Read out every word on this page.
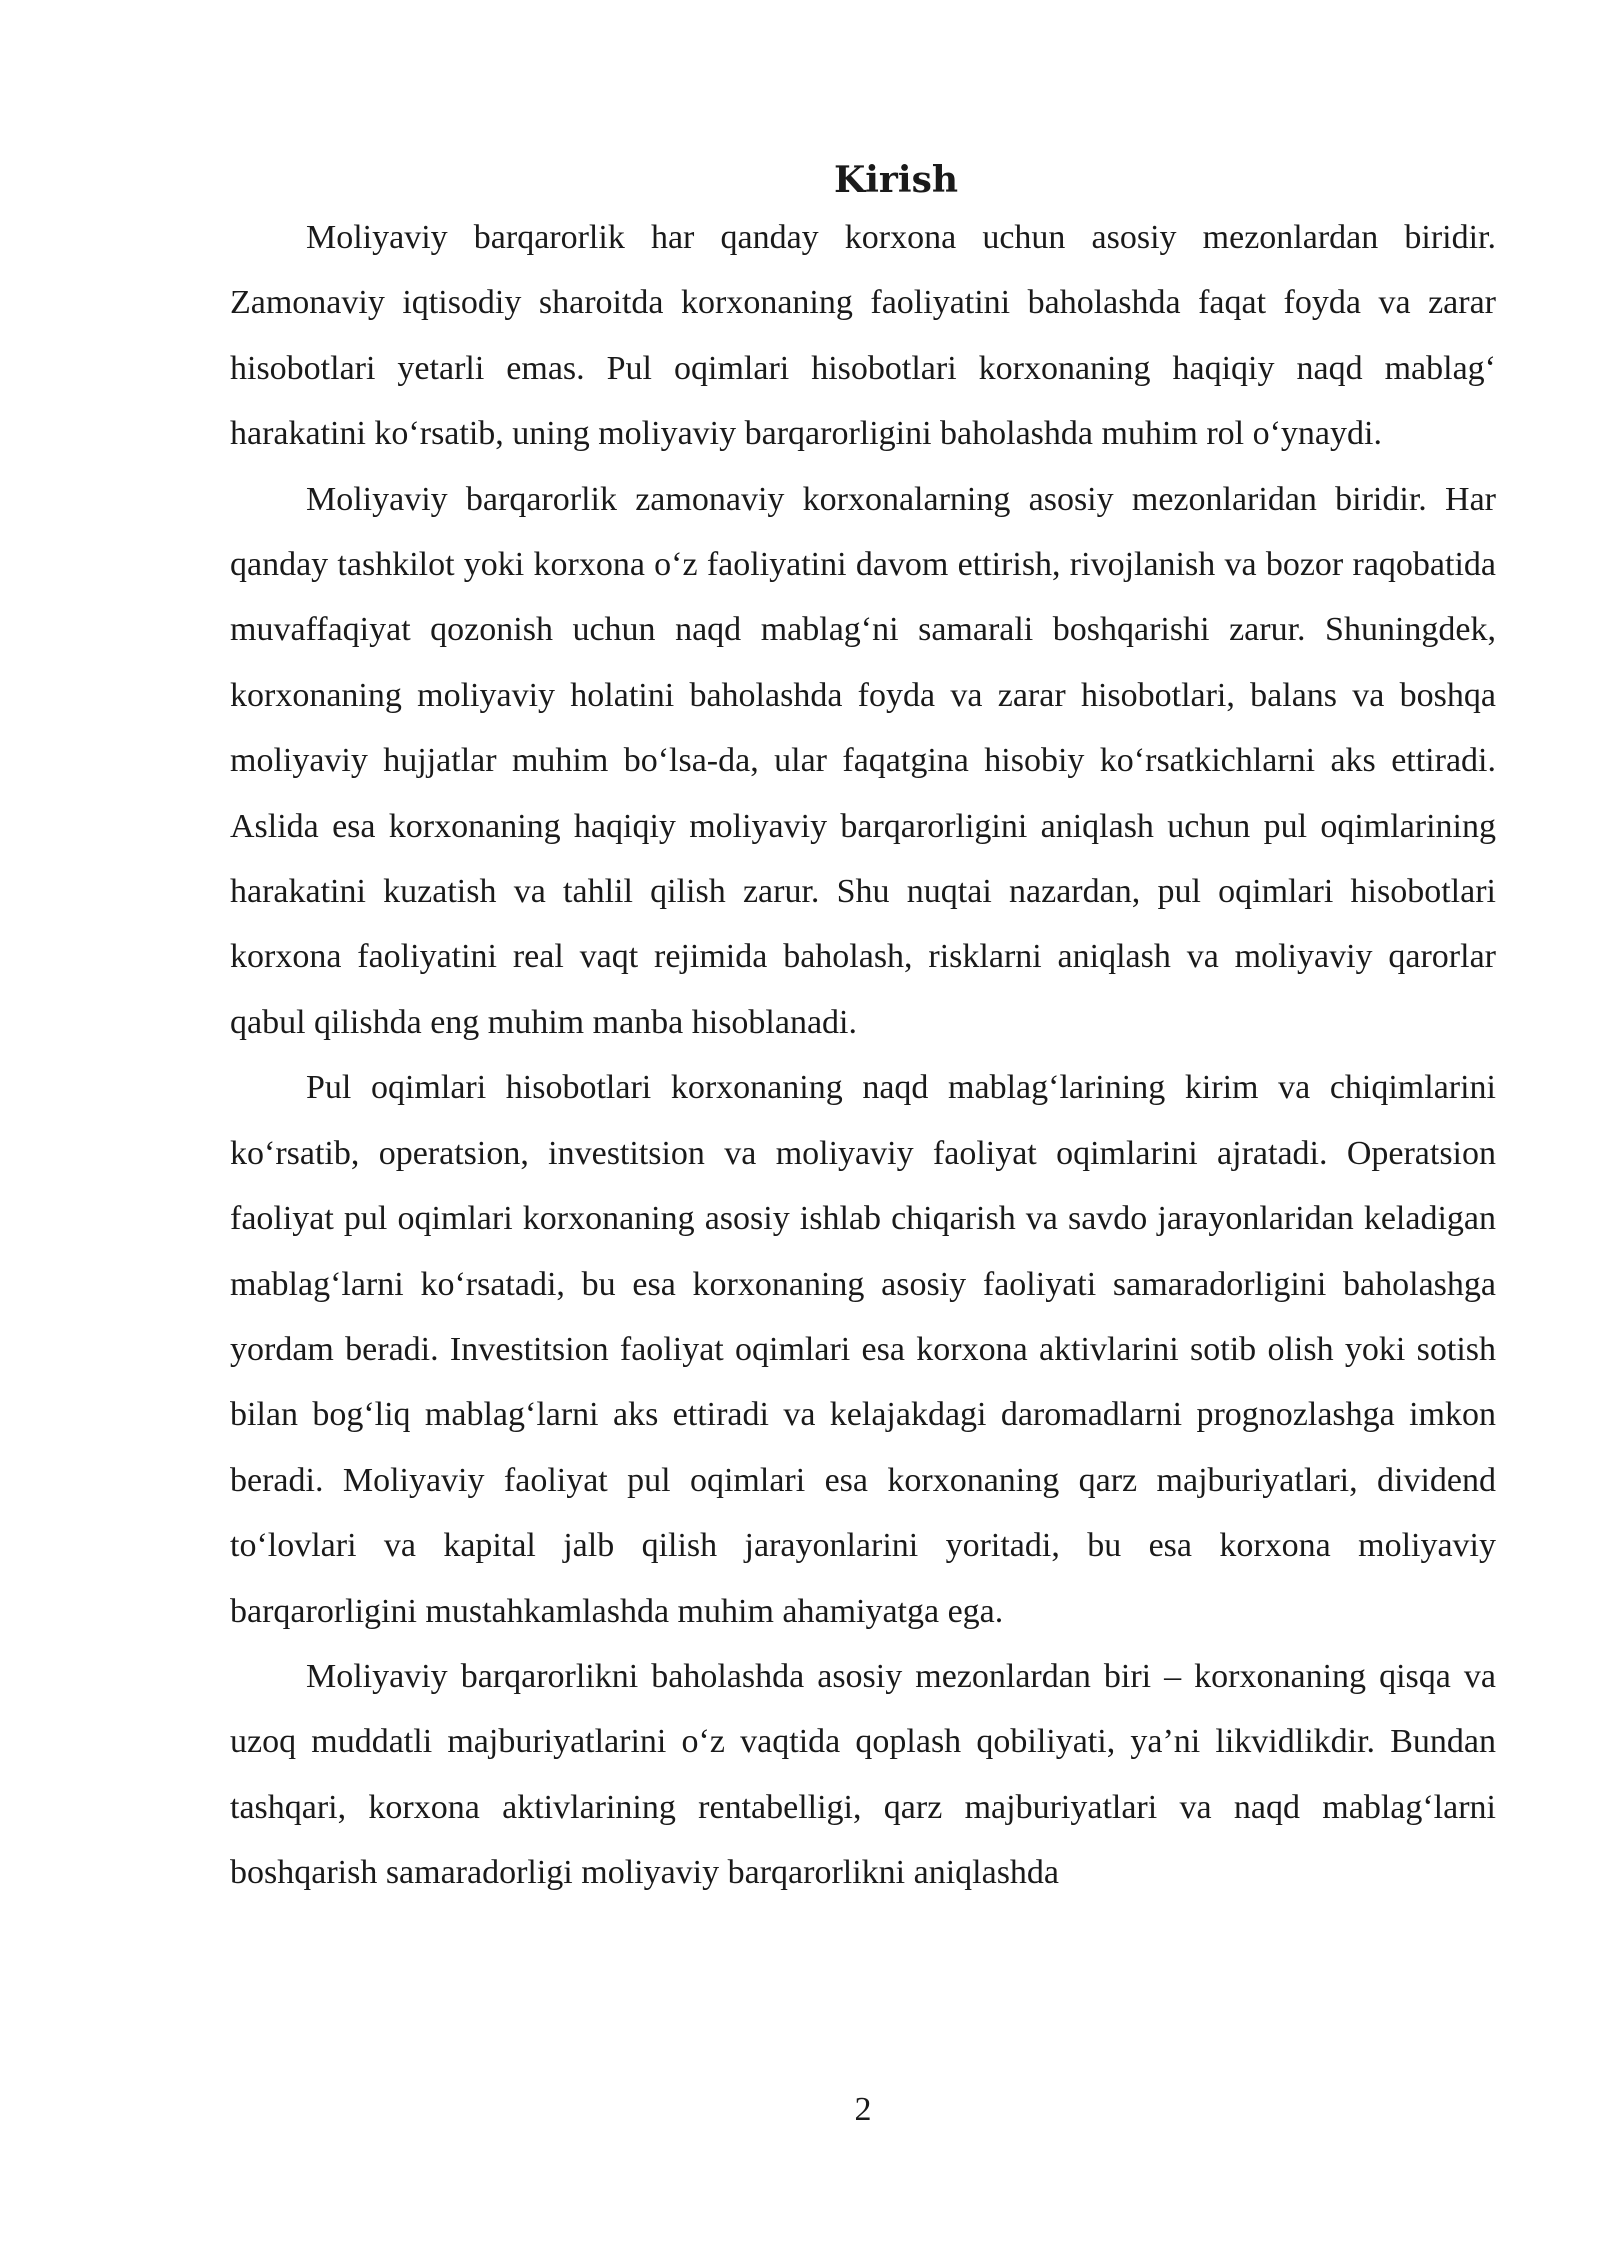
Kirish

Moliyaviy barqarorlik har qanday korxona uchun asosiy mezonlardan biridir. Zamonaviy iqtisodiy sharoitda korxonaning faoliyatini baholashda faqat foyda va zarar hisobotlari yetarli emas. Pul oqimlari hisobotlari korxonaning haqiqiy naqd mablag‘ harakatini ko‘rsatib, uning moliyaviy barqarorligini baholashda muhim rol o‘ynaydi.

Moliyaviy barqarorlik zamonaviy korxonalarning asosiy mezonlaridan biridir. Har qanday tashkilot yoki korxona o‘z faoliyatini davom ettirish, rivojlanish va bozor raqobatida muvaffaqiyat qozonish uchun naqd mablag‘ni samarali boshqarishi zarur. Shuningdek, korxonaning moliyaviy holatini baholashda foyda va zarar hisobotlari, balans va boshqa moliyaviy hujjatlar muhim bo‘lsa-da, ular faqatgina hisobiy ko‘rsatkichlarni aks ettiradi. Aslida esa korxonaning haqiqiy moliyaviy barqarorligini aniqlash uchun pul oqimlarining harakatini kuzatish va tahlil qilish zarur. Shu nuqtai nazardan, pul oqimlari hisobotlari korxona faoliyatini real vaqt rejimida baholash, risklarni aniqlash va moliyaviy qarorlar qabul qilishda eng muhim manba hisoblanadi.

Pul oqimlari hisobotlari korxonaning naqd mablag‘larining kirim va chiqimlarini ko‘rsatib, operatsion, investitsion va moliyaviy faoliyat oqimlarini ajratadi. Operatsion faoliyat pul oqimlari korxonaning asosiy ishlab chiqarish va savdo jarayonlaridan keladigan mablag‘larni ko‘rsatadi, bu esa korxonaning asosiy faoliyati samaradorligini baholashga yordam beradi. Investitsion faoliyat oqimlari esa korxona aktivlarini sotib olish yoki sotish bilan bog‘liq mablag‘larni aks ettiradi va kelajakdagi daromadlarni prognozlashga imkon beradi. Moliyaviy faoliyat pul oqimlari esa korxonaning qarz majburiyatlari, dividend to‘lovlari va kapital jalb qilish jarayonlarini yoritadi, bu esa korxona moliyaviy barqarorligini mustahkamlashda muhim ahamiyatga ega.

Moliyaviy barqarorlikni baholashda asosiy mezonlardan biri – korxonaning qisqa va uzoq muddatli majburiyatlarini o‘z vaqtida qoplash qobiliyati, ya’ni likvidlikdir. Bundan tashqari, korxona aktivlarining rentabelligi, qarz majburiyatlari va naqd mablag‘larni boshqarish samaradorligi moliyaviy barqarorlikni aniqlashda

2
